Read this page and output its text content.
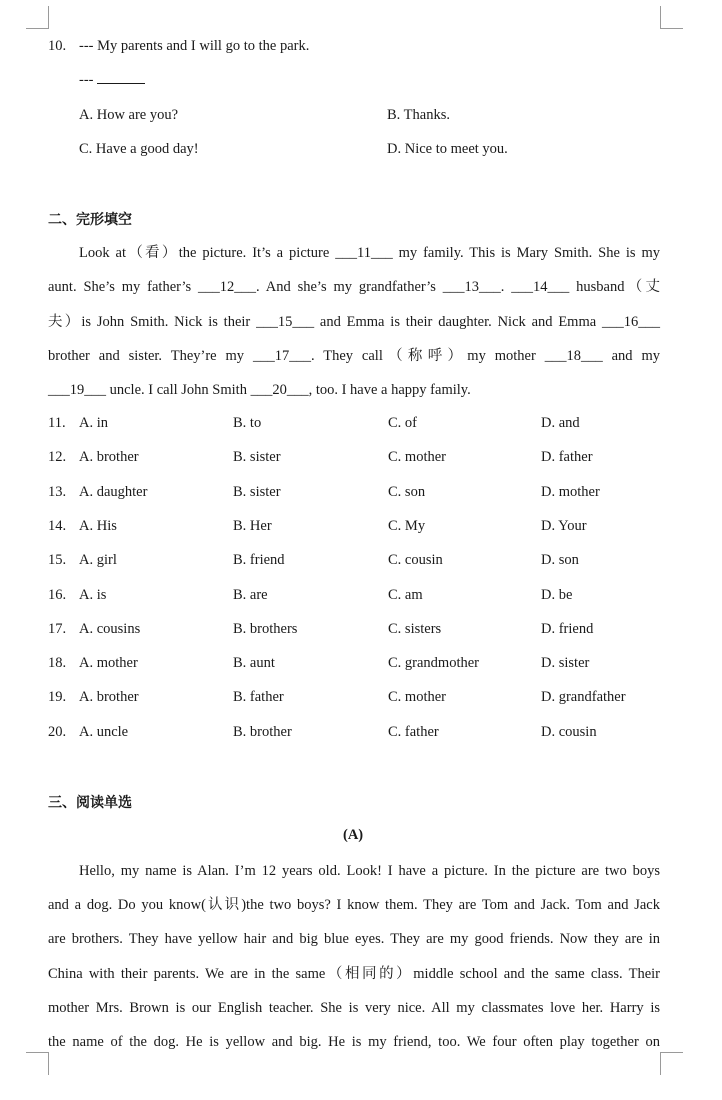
10. --- My parents and I will go to the park.
---
A. How are you?	B. Thanks.
C. Have a good day!	D. Nice to meet you.
二、完形填空

Look at（看）the picture. It’s a picture ___11___ my family. This is Mary Smith. She is my

aunt. She’s my father’s ___12___. And she’s my grandfather’s ___13___. ___14___ husband（丈

夫）is John Smith. Nick is their ___15___ and Emma is their daughter. Nick and Emma ___16___

brother and sister. They’re my ___17___. They call（称呼）my mother ___18___ and my

___19___ uncle. I call John Smith ___20___, too. I have a happy family.

11. A. in	B. to	C. of	D. and
12. A. brother	B. sister	C. mother	D. father
13. A. daughter	B. sister	C. son	D. mother
14. A. His	B. Her	C. My	D. Your
15. A. girl	B. friend	C. cousin	D. son
16. A. is	B. are	C. am	D. be
17. A. cousins	B. brothers	C. sisters	D. friend
18. A. mother	B. aunt	C. grandmother	D. sister
19. A. brother	B. father	C. mother	D. grandfather
20. A. uncle	B. brother	C. father	D. cousin
三、阅读单选
(A)

Hello, my name is Alan. I’m 12 years old. Look! I have a picture. In the picture are two boys

and a dog. Do you know(认识)the two boys? I know them. They are Tom and Jack. Tom and Jack

are brothers. They have yellow hair and big blue eyes. They are my good friends. Now they are in

China with their parents. We are in the same（相同的）middle school and the same class. Their

mother Mrs. Brown is our English teacher. She is very nice. All my classmates love her. Harry is

the name of the dog. He is yellow and big. He is my friend, too. We four often play together on
